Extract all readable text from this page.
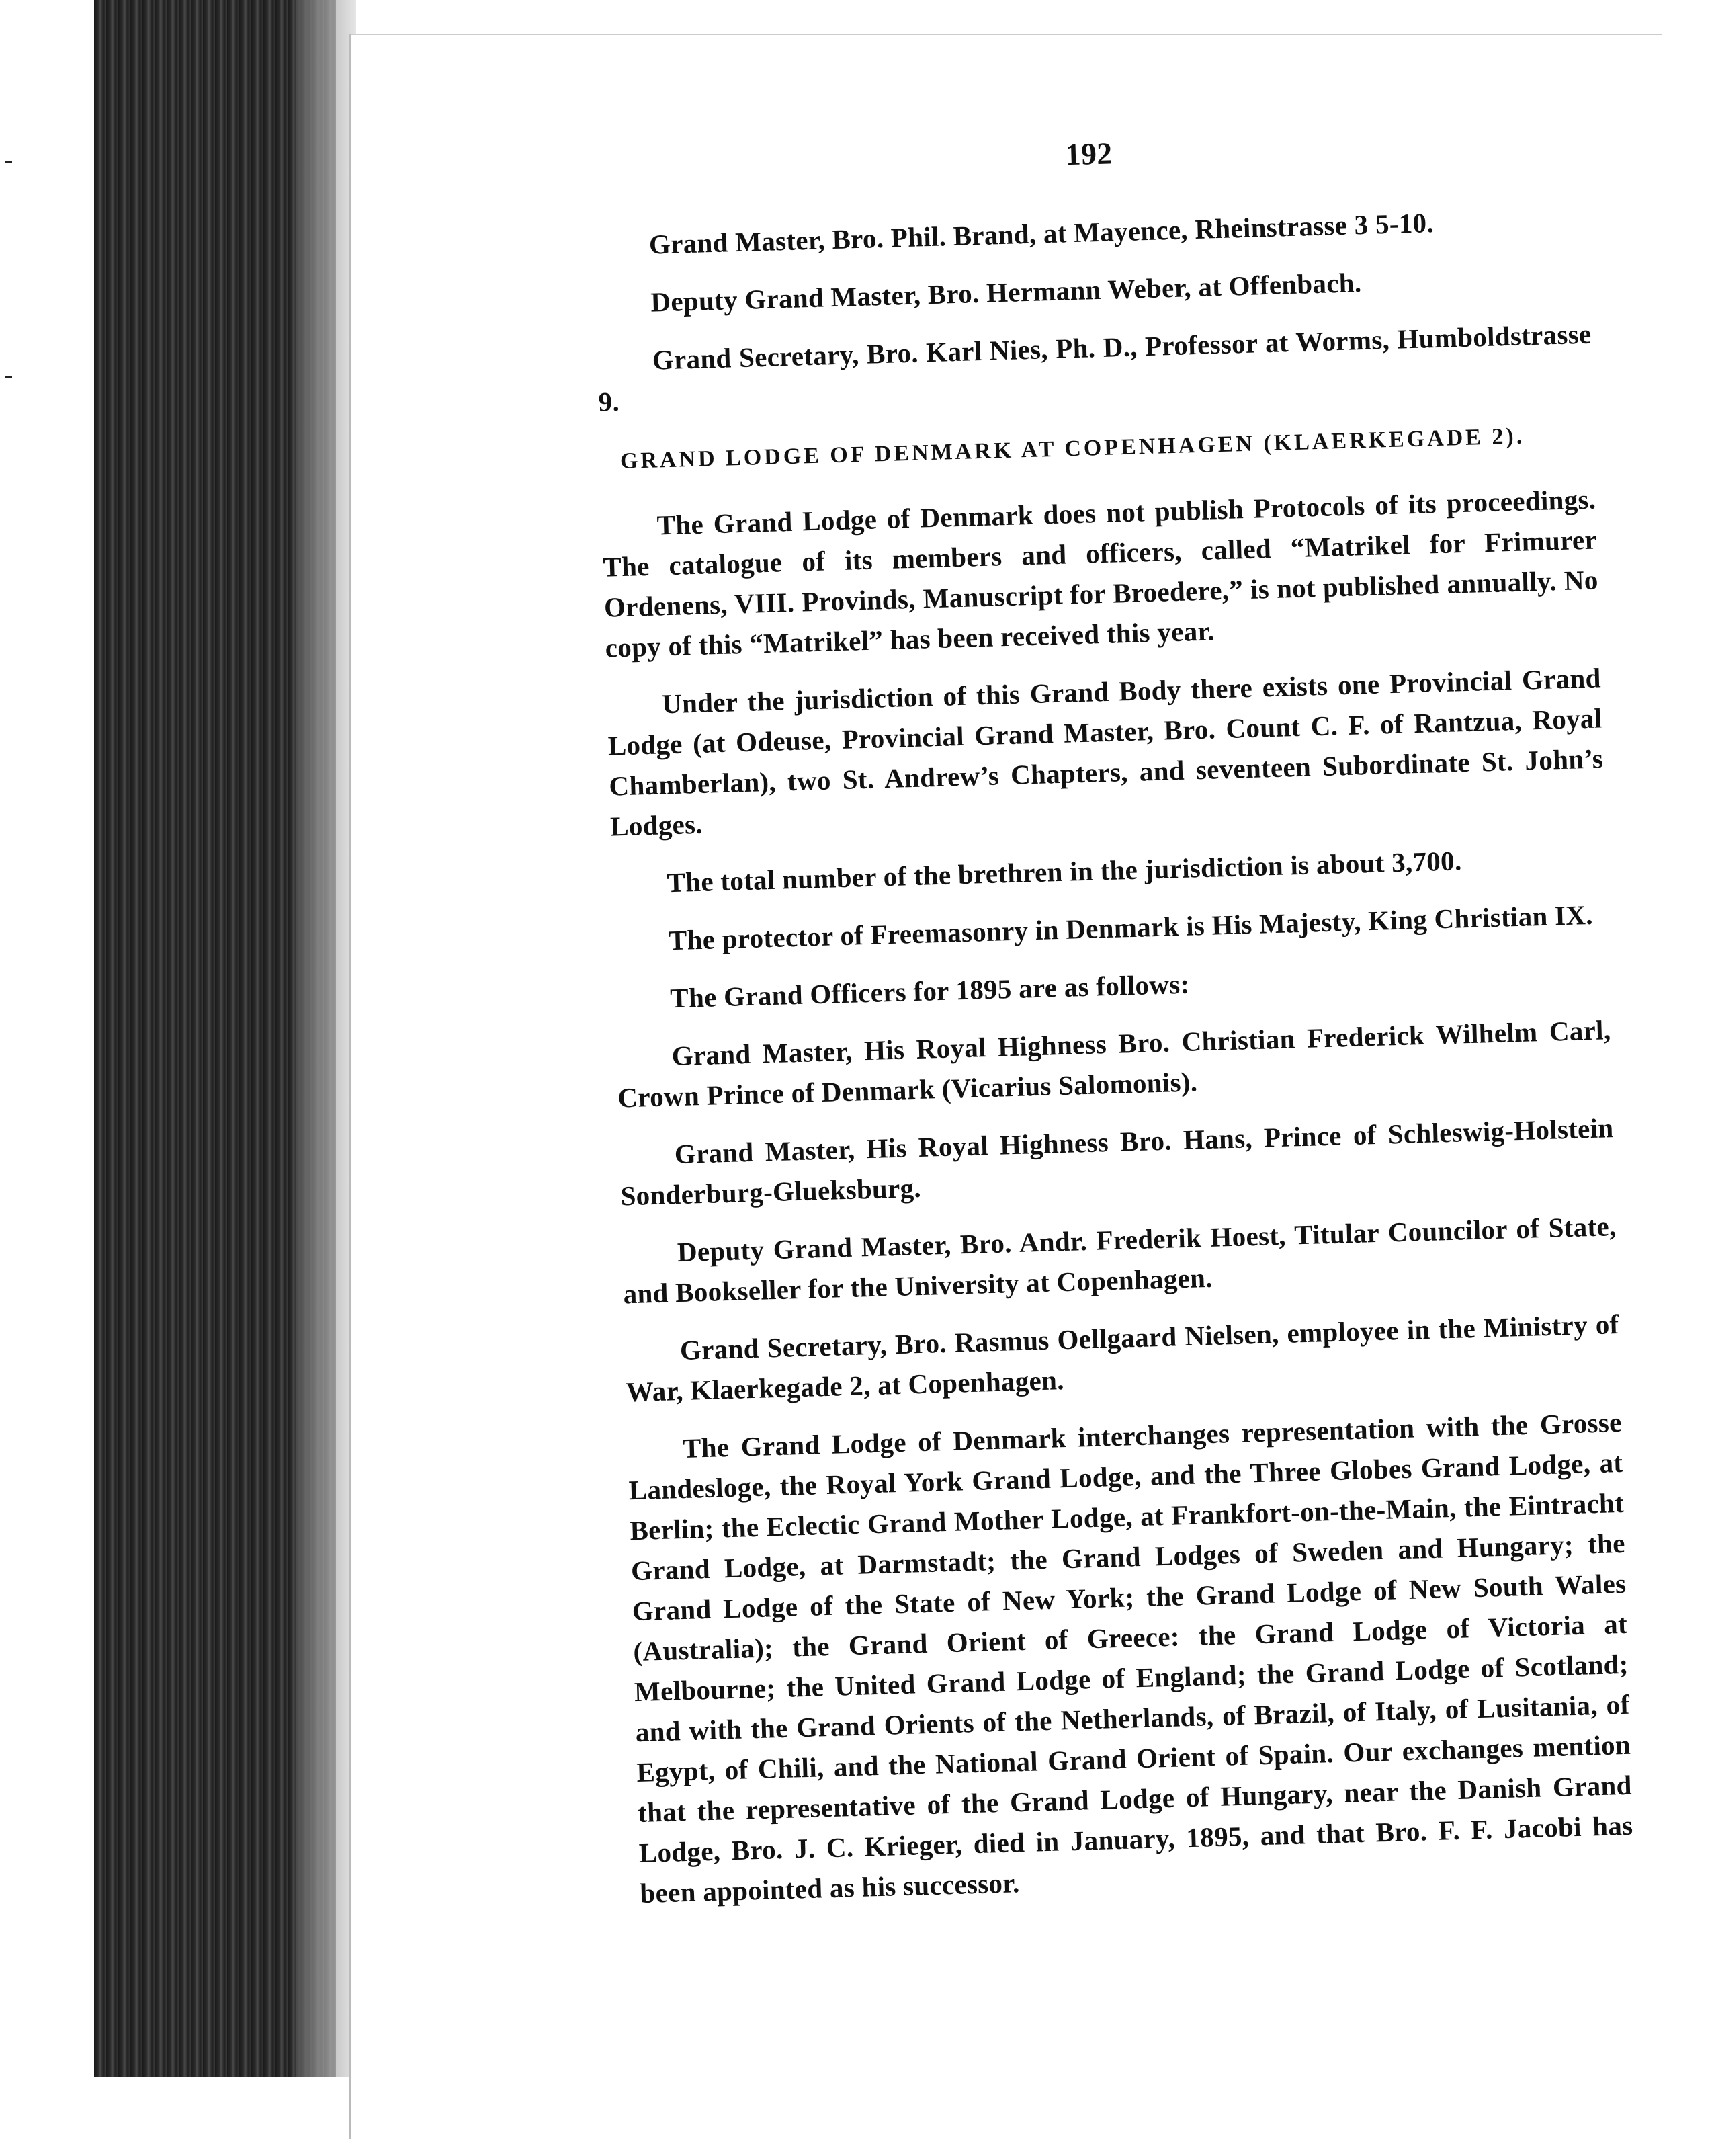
192

Grand Master, Bro. Phil. Brand, at Mayence, Rheinstrasse 3 5-10.

Deputy Grand Master, Bro. Hermann Weber, at Offenbach.

Grand Secretary, Bro. Karl Nies, Ph. D., Professor at Worms, Humboldstrasse 9.

GRAND LODGE OF DENMARK AT COPENHAGEN (KLAERKEGADE 2).

The Grand Lodge of Denmark does not publish Protocols of its proceedings. The catalogue of its members and officers, called “Matrikel for Frimurer Ordenens, VIII. Provinds, Manuscript for Broedere,” is not published annually. No copy of this “Matrikel” has been received this year.

Under the jurisdiction of this Grand Body there exists one Provincial Grand Lodge (at Odeuse, Provincial Grand Master, Bro. Count C. F. of Rantzua, Royal Chamberlan), two St. Andrew’s Chapters, and seventeen Subordinate St. John’s Lodges.

The total number of the brethren in the jurisdiction is about 3,700.

The protector of Freemasonry in Denmark is His Majesty, King Christian IX.

The Grand Officers for 1895 are as follows:

Grand Master, His Royal Highness Bro. Christian Frederick Wilhelm Carl, Crown Prince of Denmark (Vicarius Salomonis).

Grand Master, His Royal Highness Bro. Hans, Prince of Schleswig-Holstein Sonderburg-Glueksburg.

Deputy Grand Master, Bro. Andr. Frederik Hoest, Titular Councilor of State, and Bookseller for the University at Copenhagen.

Grand Secretary, Bro. Rasmus Oellgaard Nielsen, employee in the Ministry of War, Klaerkegade 2, at Copenhagen.

The Grand Lodge of Denmark interchanges representation with the Grosse Landesloge, the Royal York Grand Lodge, and the Three Globes Grand Lodge, at Berlin; the Eclectic Grand Mother Lodge, at Frankfort-on-the-Main, the Eintracht Grand Lodge, at Darmstadt; the Grand Lodges of Sweden and Hungary; the Grand Lodge of the State of New York; the Grand Lodge of New South Wales (Australia); the Grand Orient of Greece: the Grand Lodge of Victoria at Melbourne; the United Grand Lodge of England; the Grand Lodge of Scotland; and with the Grand Orients of the Netherlands, of Brazil, of Italy, of Lusitania, of Egypt, of Chili, and the National Grand Orient of Spain. Our exchanges mention that the representative of the Grand Lodge of Hungary, near the Danish Grand Lodge, Bro. J. C. Krieger, died in January, 1895, and that Bro. F. F. Jacobi has been appointed as his successor.
